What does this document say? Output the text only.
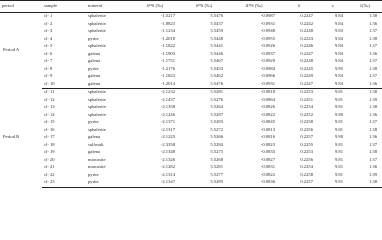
period	sample	mineral	δ³⁴S (‰)	δ³³S (‰)	Δ³³S (‰)	δ	ε	λ(‰)
Period A	cl- 1	sphalerite	-1.5217	5.5476	-0.0987	0.2247	9.84	1.38
	cl- 2	sphalerite	-1.8823	5.5437	-0.0931	0.2242	9.84	1.36
	cl- 3	sphalerite	-1.1234	5.5459	-0.0948	0.2248	9.83	1.37
	cl- 4	pyrite	-1.2018	5.5448	-0.0955	0.2243	9.84	1.38
	cl- 5	sphalerite	-1.1822	5.5441	-0.0926	0.2246	9.84	1.37
	cl- 6	galena	-1.1903	5.5446	-0.0937	0.2247	9.84	1.36
	cl- 7	galena	-1.1751	5.5467	-0.0929	0.2248	9.84	1.37
	cl- 8	pyrite	-1.2176	5.5453	-0.0984	0.2245	9.85	1.38
	cl- 9	galena	-1.1823	5.5462	-0.0966	0.2249	9.84	1.37
	cl- 10	galena	-1.2014	5.5476	-0.0931	0.2247	9.84	1.36
Period B	cl- 11	sphalerite	-2.1232	5.5281	-0.0818	0.2253	9.81	1.38
	cl- 12	sphalerite	-2.1437	5.5276	-0.0864	0.2251	9.81	1.39
	cl- 13	sphalerite	-2.1358	5.5264	-0.0826	0.2254	9.81	1.38
	cl- 14	sphalerite	-2.1246	5.5287	-0.0822	0.2252	9.80	1.36
	cl- 15	pyrite	-2.1371	5.5283	-0.0845	0.2258	9.81	1.37
	cl- 16	sphalerite	-2.1317	5.5272	-0.0813	0.2256	9.81	1.38
	cl- 17	galena	-2.1225	5.5266	-0.0816	0.2257	9.80	1.36
	cl- 18	sulfosalt	-2.3358	5.5284	-0.0823	0.2255	9.81	1.37
	cl- 19	galena	-2.1348	5.5275	-0.0835	0.2253	9.81	1.38
	cl- 20	marcasite	-2.1326	5.5268	-0.0827	0.2256	9.81	1.37
	cl- 21	marcasite	-2.1282	5.5281	-0.0831	0.2254	9.81	1.36
	cl- 22	pyrite	-2.1314	5.5277	-0.0822	0.2258	9.81	1.39
	cl- 23	pyrite	-2.1347	5.5285	-0.0836	0.2257	9.81	1.38
